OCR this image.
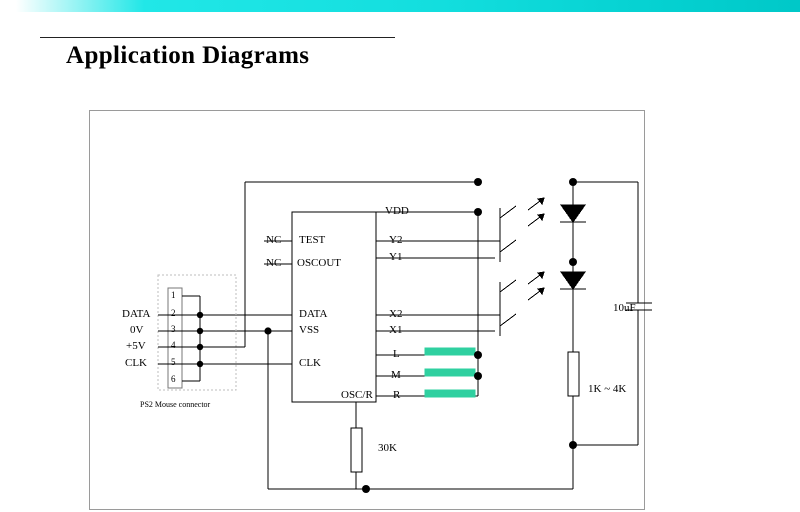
Application Diagrams
DATA
0V
+5V
CLK
1
2
3
4
5
6
PS2 Mouse connector
NC
NC
TEST
OSCOUT
DATA
VSS
CLK
VDD
Y2
Y1
X2
X1
L
M
R
OSC/R
30K
1K ~ 4K
10uF
